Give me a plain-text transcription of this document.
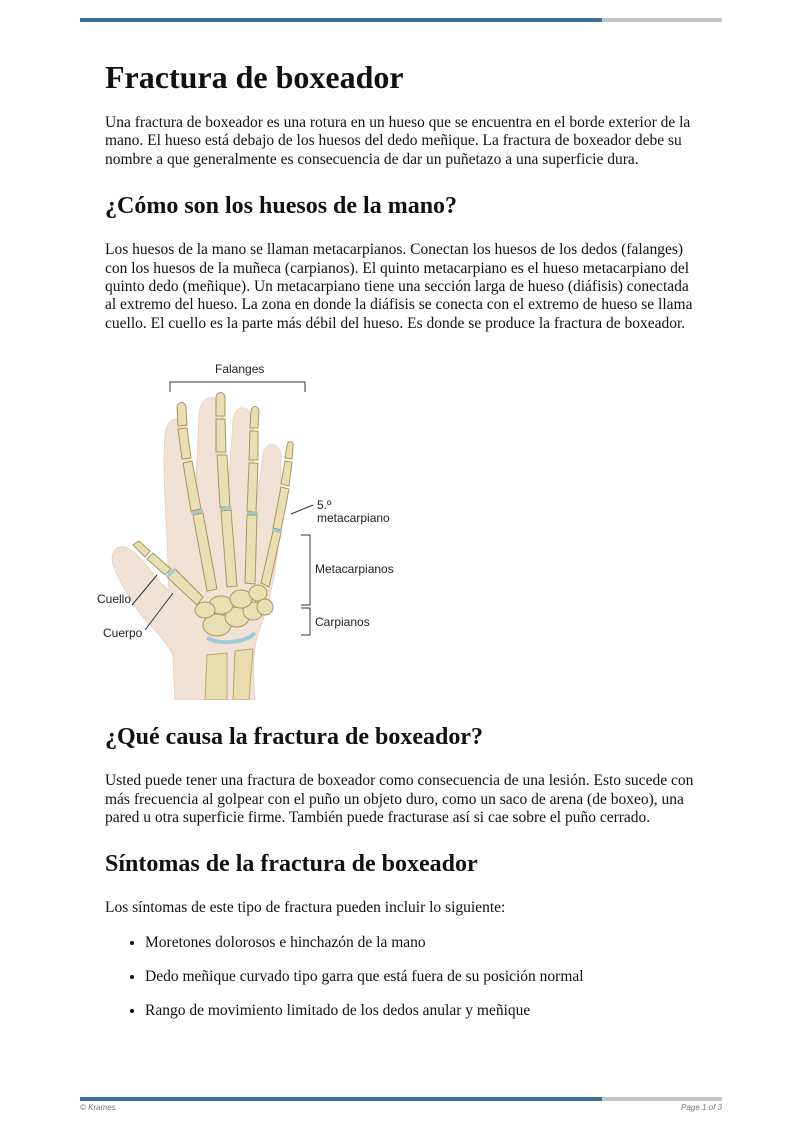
Fractura de boxeador

Una fractura de boxeador es una rotura en un hueso que se encuentra en el borde exterior de la mano. El hueso está debajo de los huesos del dedo meñique. La fractura de boxeador debe su nombre a que generalmente es consecuencia de dar un puñetazo a una superficie dura.

¿Cómo son los huesos de la mano?

Los huesos de la mano se llaman metacarpianos. Conectan los huesos de los dedos (falanges) con los huesos de la muñeca (carpianos). El quinto metacarpiano es el hueso metacarpiano del quinto dedo (meñique). Un metacarpiano tiene una sección larga de hueso (diáfisis) conectada al extremo del hueso. La zona en donde la diáfisis se conecta con el extremo de hueso se llama cuello. El cuello es la parte más débil del hueso. Es donde se produce la fractura de boxeador.

Falanges
5.º
metacarpiano
Metacarpianos
Carpianos
Cuello
Cuerpo
¿Qué causa la fractura de boxeador?

Usted puede tener una fractura de boxeador como consecuencia de una lesión. Esto sucede con más frecuencia al golpear con el puño un objeto duro, como un saco de arena (de boxeo), una pared u otra superficie firme. También puede fracturase así si cae sobre el puño cerrado.

Síntomas de la fractura de boxeador

Los síntomas de este tipo de fractura pueden incluir lo siguiente:

• Moretones dolorosos e hinchazón de la mano
• Dedo meñique curvado tipo garra que está fuera de su posición normal
• Rango de movimiento limitado de los dedos anular y meñique
© Krames	Page 1 of 3
